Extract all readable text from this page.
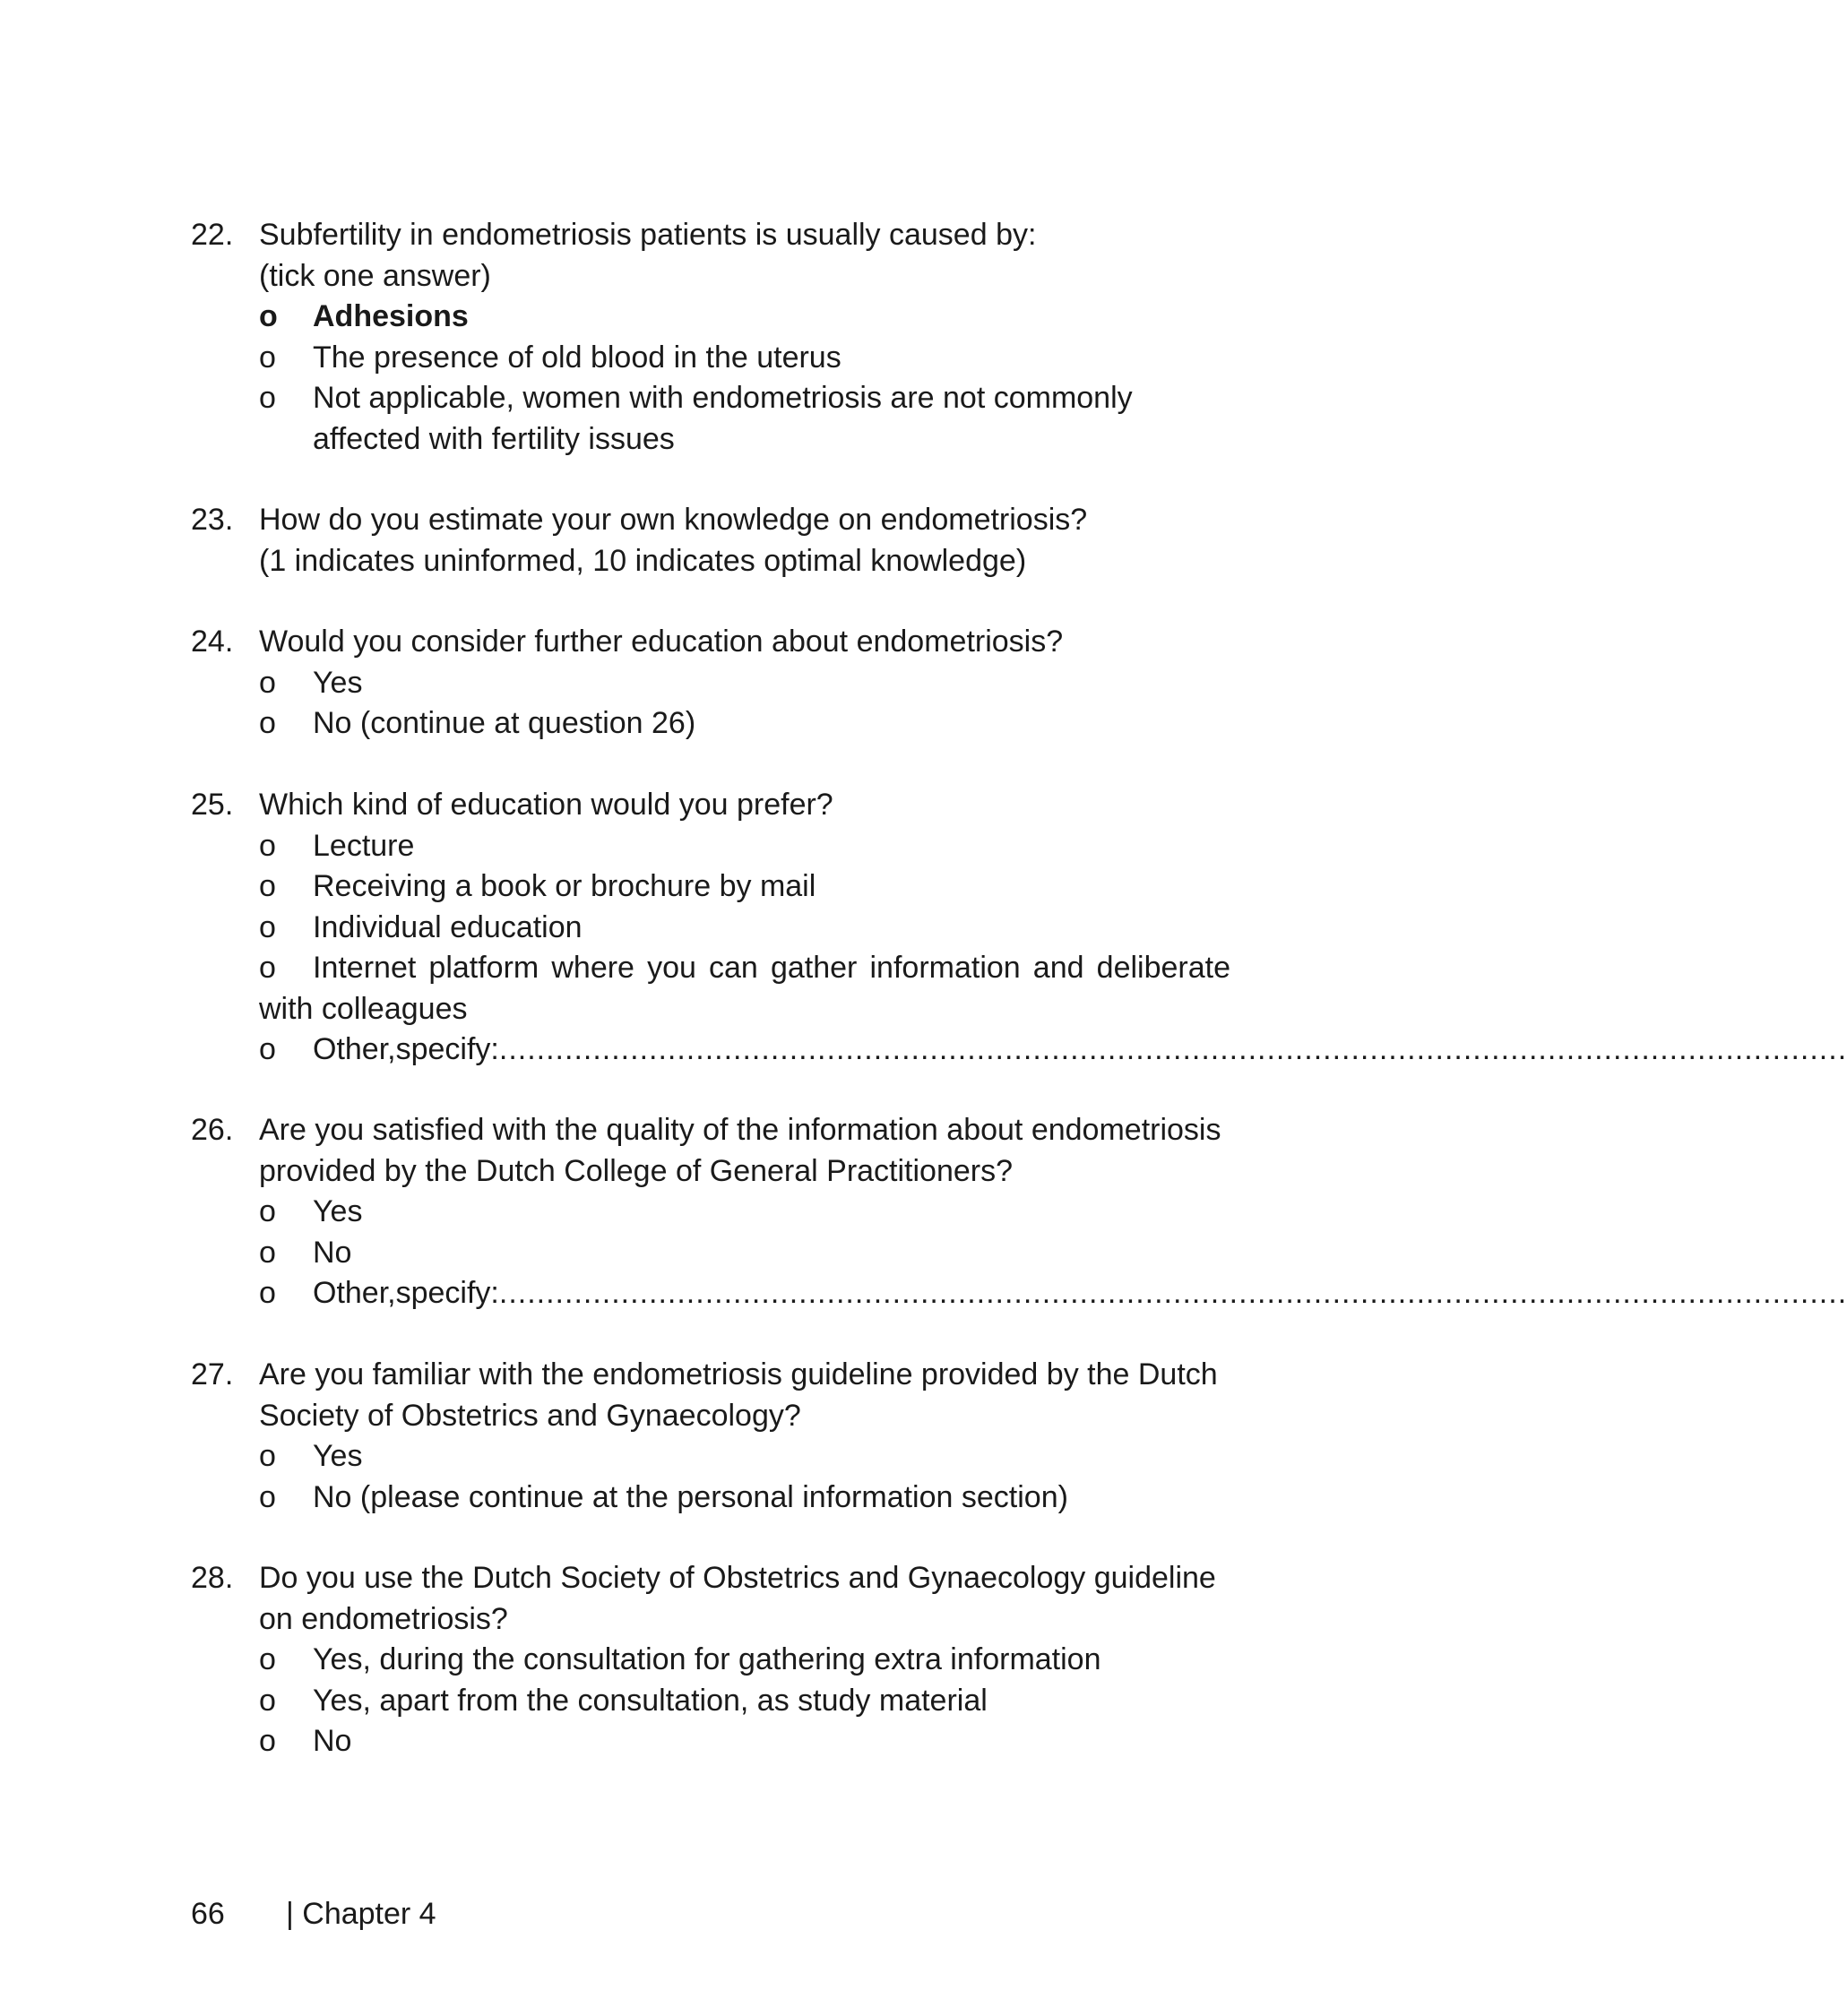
22. Subfertility in endometriosis patients is usually caused by:
(tick one answer)
o	Adhesions
o	The presence of old blood in the uterus
o	Not applicable, women with endometriosis are not commonly
affected with fertility issues
23. How do you estimate your own knowledge on endometriosis?
(1 indicates uninformed, 10 indicates optimal knowledge)
24. Would you consider further education about endometriosis?
o	Yes
o	No (continue at question 26)
25. Which kind of education would you prefer?
o	Lecture
o	Receiving a book or brochure by mail
o	Individual education
o Internet platform where you can gather information and deliberate with colleagues
o	Other,specify: ................................................................................................................................................
26. Are you satisfied with the quality of the information about endometriosis
provided by the Dutch College of General Practitioners?
o	Yes
o	No
o	Other,specify: ................................................................................................................................................
27. Are you familiar with the endometriosis guideline provided by the Dutch
Society of Obstetrics and Gynaecology?
o	Yes
o	No (please continue at the personal information section)
28. Do you use the Dutch Society of Obstetrics and Gynaecology guideline
on endometriosis?
o	Yes, during the consultation for gathering extra information
o	Yes, apart from the consultation, as study material
o	No
66 | Chapter 4
